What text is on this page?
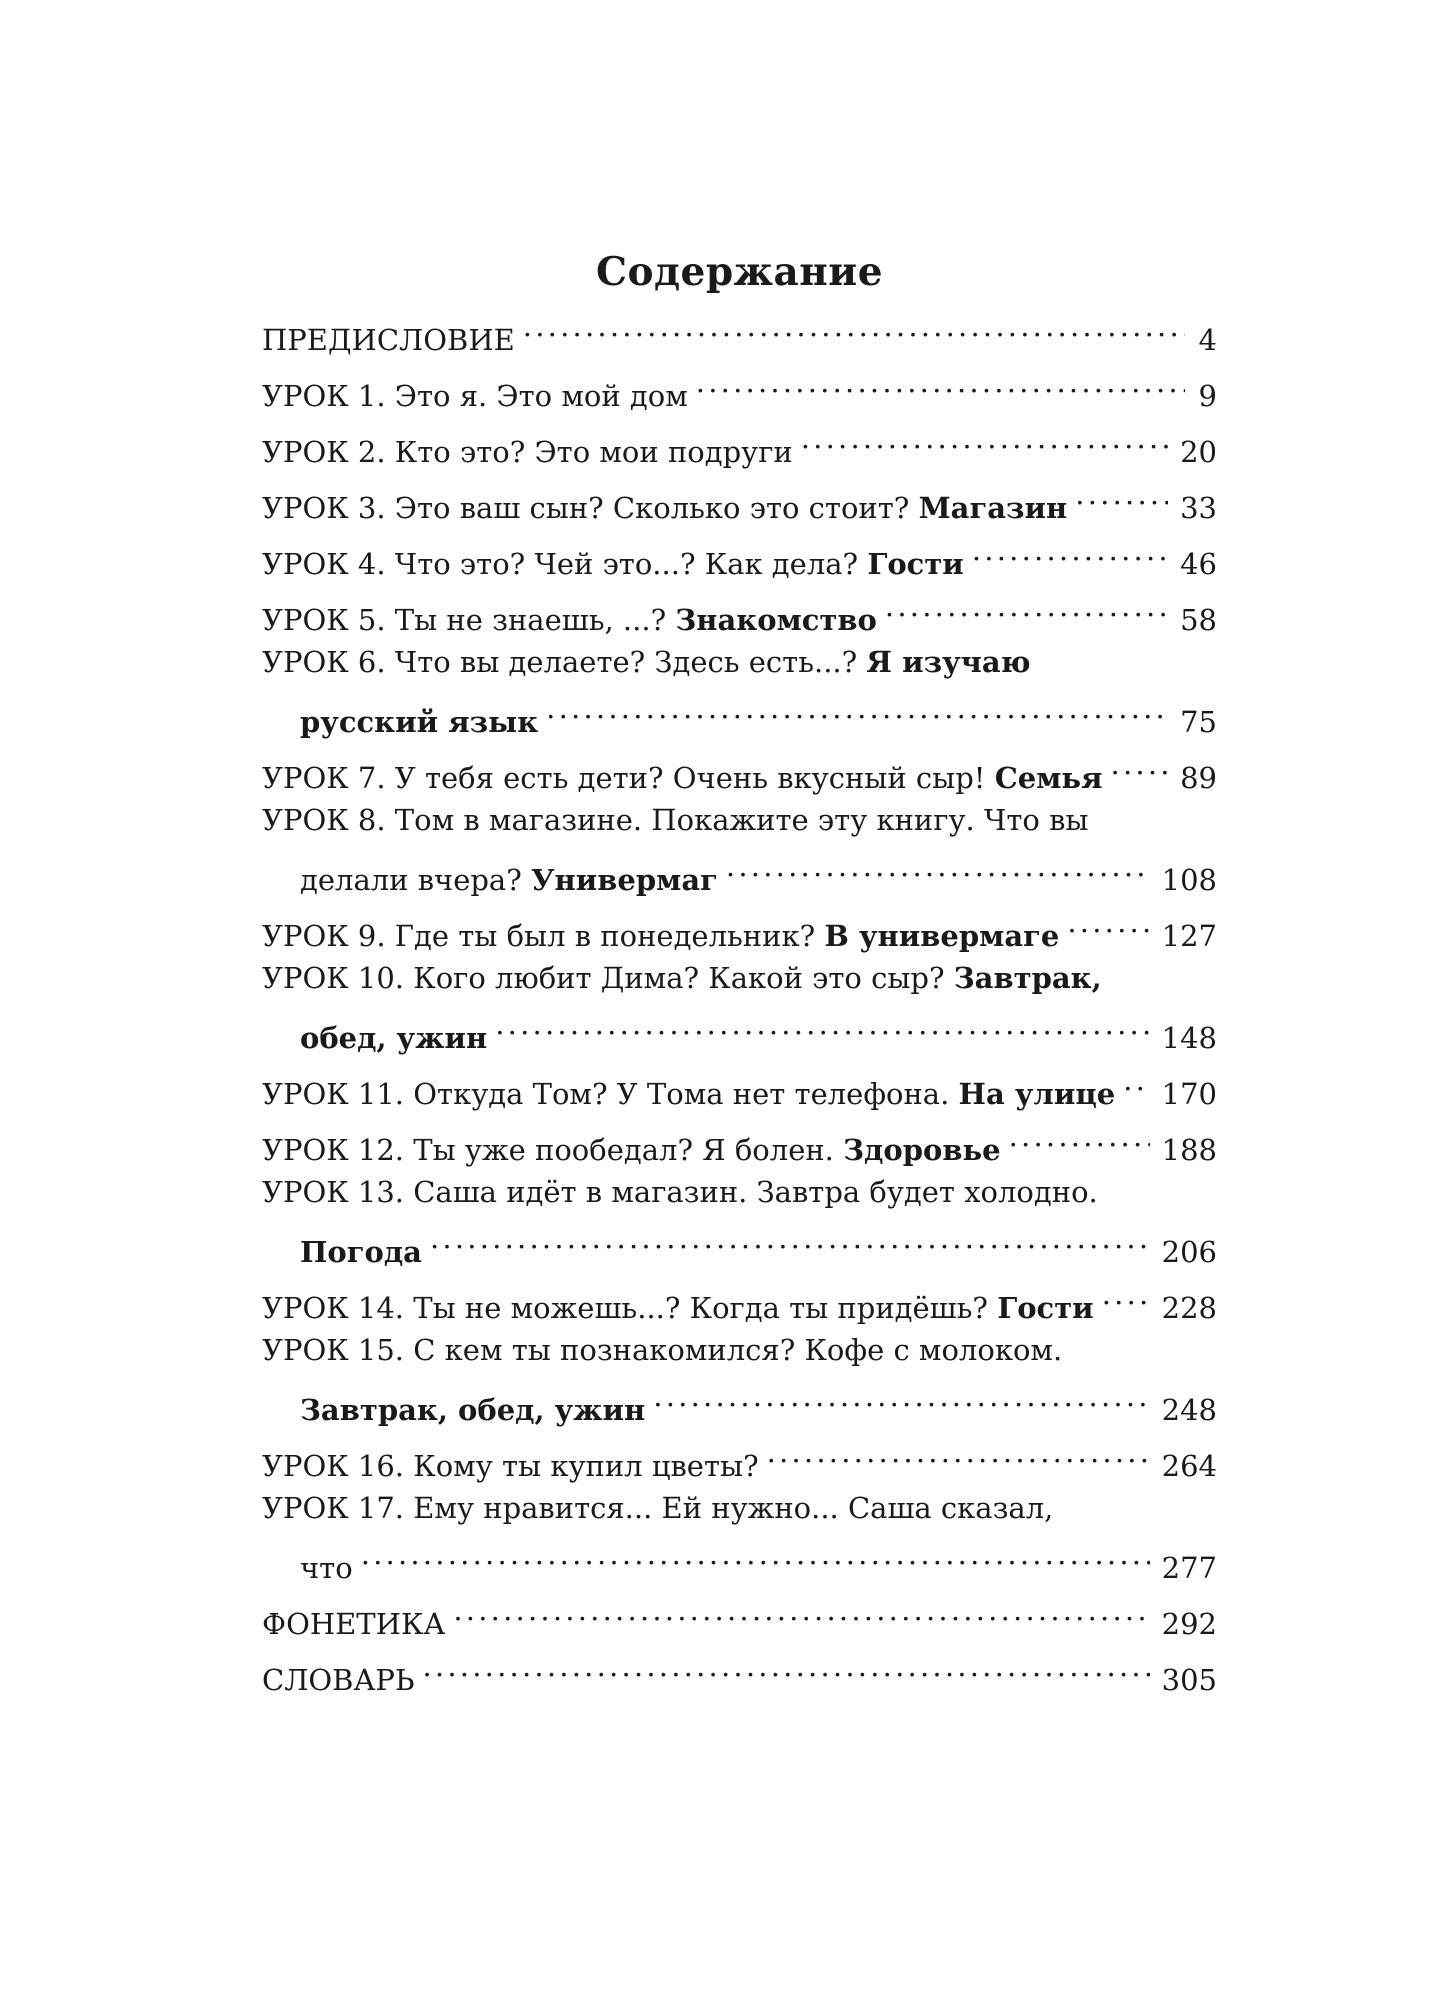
Содержание
ПРЕДИСЛОВИЕ . . .	4
УРОК 1. Это я. Это мой дом . . .	9
УРОК 2. Кто это? Это мои подруги . . .	20
УРОК 3. Это ваш сын? Сколько это стоит? Магазин . . .	33
УРОК 4. Что это? Чей это...? Как дела? Гости . . .	46
УРОК 5. Ты не знаешь, ...? Знакомство . . .	58
УРОК 6. Что вы делаете? Здесь есть...? Я изучаю
русский язык . . .	75
УРОК 7. У тебя есть дети? Очень вкусный сыр! Семья . . .	89
УРОК 8. Том в магазине. Покажите эту книгу. Что вы
делали вчера? Универмаг . . .	108
УРОК 9. Где ты был в понедельник? В универмаге . . .	127
УРОК 10. Кого любит Дима? Какой это сыр? Завтрак,
обед, ужин . . .	148
УРОК 11. Откуда Том? У Тома нет телефона. На улице . . . 170
УРОК 12. Ты уже пообедал? Я болен. Здоровье . . .	188
УРОК 13. Саша идёт в магазин. Завтра будет холодно.
Погода . . .	206
УРОК 14. Ты не можешь...? Когда ты придёшь? Гости . . . 228
УРОК 15. С кем ты познакомился? Кофе с молоком.
Завтрак, обед, ужин . . .	248
УРОК 16. Кому ты купил цветы? . . .	264
УРОК 17. Ему нравится... Ей нужно... Саша сказал,
что . . .	277
ФОНЕТИКА . . .	292
СЛОВАРЬ . . .	305
